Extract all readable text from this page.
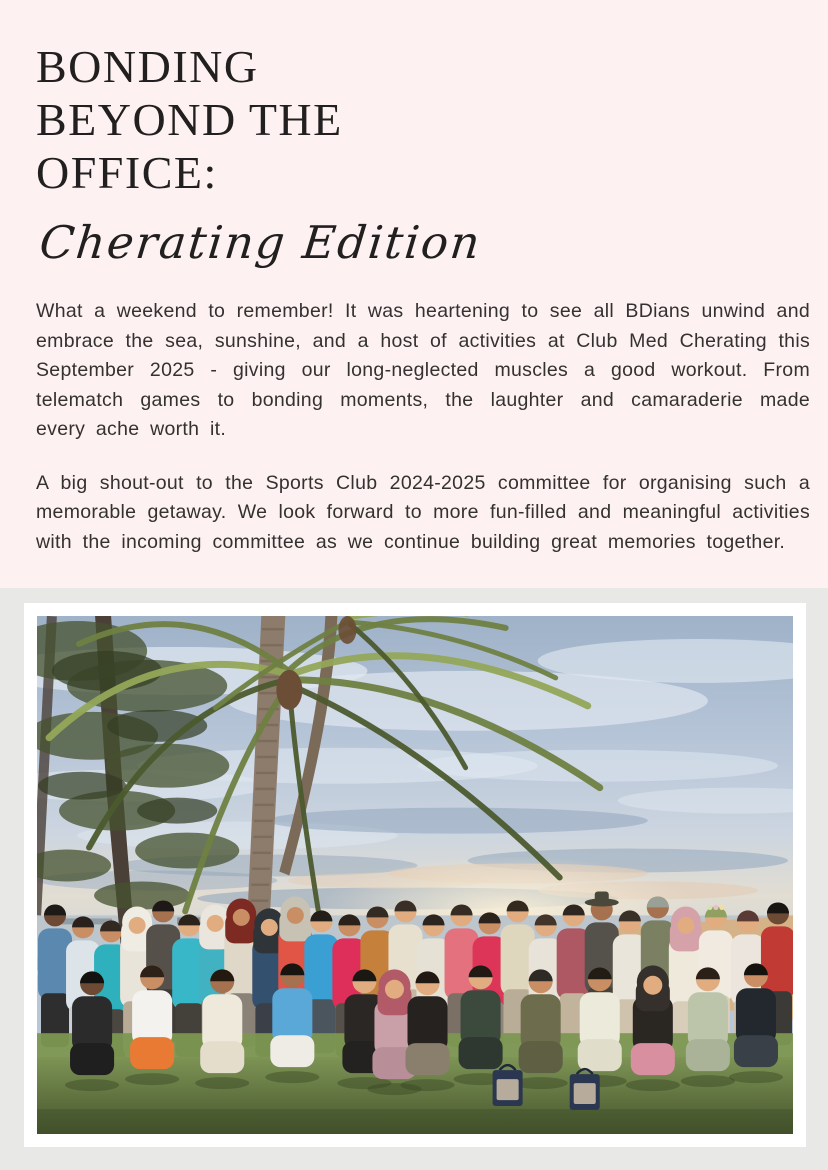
BONDING
BEYOND THE
OFFICE:
Cherating Edition

What a weekend to remember! It was heartening to see all BDians unwind and embrace the sea, sunshine, and a host of activities at Club Med Cherating this September 2025 - giving our long-neglected muscles a good workout. From telematch games to bonding moments, the laughter and camaraderie made every ache worth it.

A big shout-out to the Sports Club 2024-2025 committee for organising such a memorable getaway. We look forward to more fun-filled and meaningful activities with the incoming committee as we continue building great memories together.
